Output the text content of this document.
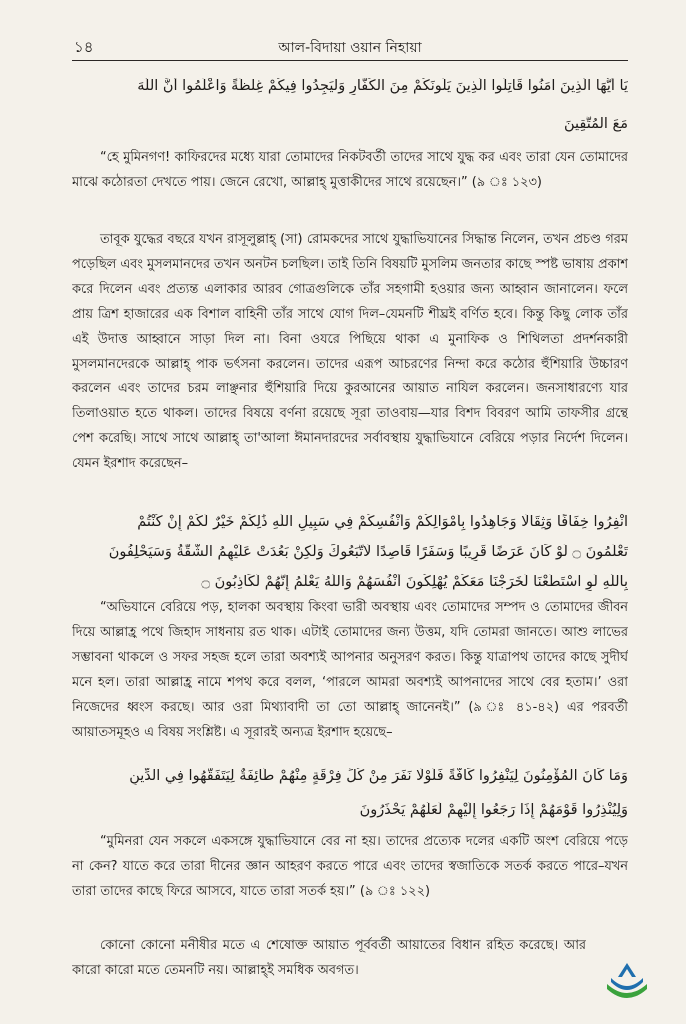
১৪	আল-বিদায়া ওয়ান নিহায়া
يَا أَيُّهَا الَّذِينَ آمَنُوا قَاتِلُوا الَّذِينَ يَلُونَكُمْ مِنَ الْكُفَّارِ وَلْيَجِدُوا فِيكُمْ غِلْظَةً وَاعْلَمُوا أَنَّ اللَّهَ
مَعَ الْمُتَّقِينَ
“হে মুমিনগণ! কাফিরদের মধ্যে যারা তোমাদের নিকটবর্তী তাদের সাথে যুদ্ধ কর এবং তারা যেন তোমাদের মাঝে কঠোরতা দেখতে পায়। জেনে রেখো, আল্লাহ্ মুত্তাকীদের সাথে রয়েছেন।” (৯ ঃ ১২৩)
তাবূক যুদ্ধের বছরে যখন রাসূলুল্লাহ্ (সা) রোমকদের সাথে যুদ্ধাভিযানের সিদ্ধান্ত নিলেন, তখন প্রচণ্ড গরম পড়েছিল এবং মুসলমানদের তখন অনটন চলছিল। তাই তিনি বিষয়টি মুসলিম জনতার কাছে স্পষ্ট ভাষায় প্রকাশ করে দিলেন এবং প্রত্যন্ত এলাকার আরব গোত্রগুলিকে তাঁর সহগামী হওয়ার জন্য আহ্বান জানালেন। ফলে প্রায় ত্রিশ হাজারের এক বিশাল বাহিনী তাঁর সাথে যোগ দিল–যেমনটি শীঘ্রই বর্ণিত হবে। কিন্তু কিছু লোক তাঁর এই উদাত্ত আহ্বানে সাড়া দিল না। বিনা ওযরে পিছিয়ে থাকা এ মুনাফিক ও শিথিলতা প্রদর্শনকারী মুসলমানদেরকে আল্লাহ্ পাক ভর্ৎসনা করলেন। তাদের এরূপ আচরণের নিন্দা করে কঠোর হুঁশিয়ারি উচ্চারণ করলেন এবং তাদের চরম লাঞ্ছনার হুঁশিয়ারি দিয়ে কুরআনের আয়াত নাযিল করলেন। জনসাধারণ্যে যার তিলাওয়াত হতে থাকল। তাদের বিষয়ে বর্ণনা রয়েছে সূরা তাওবায়—যার বিশদ বিবরণ আমি তাফসীর গ্রন্থে পেশ করেছি। সাথে সাথে আল্লাহ্ তা'আলা ঈমানদারদের সর্বাবস্থায় যুদ্ধাভিযানে বেরিয়ে পড়ার নির্দেশ দিলেন। যেমন ইরশাদ করেছেন–
انْفِرُوا خِفَافًا وَثِقَالًا وَجَاهِدُوا بِأَمْوَالِكُمْ وَأَنْفُسِكُمْ فِي سَبِيلِ اللَّهِ ذَٰلِكُمْ خَيْرٌ لَكُمْ إِنْ كُنْتُمْ
تَعْلَمُونَ ۝ لَوْ كَانَ عَرَضًا قَرِيبًا وَسَفَرًا قَاصِدًا لَاتَّبَعُوكَ وَلَٰكِنْ بَعُدَتْ عَلَيْهِمُ الشُّقَّةُ وَسَيَحْلِفُونَ
بِاللَّهِ لَوِ اسْتَطَعْنَا لَخَرَجْنَا مَعَكُمْ يُهْلِكُونَ أَنْفُسَهُمْ وَاللَّهُ يَعْلَمُ إِنَّهُمْ لَكَاذِبُونَ ۝
“অভিযানে বেরিয়ে পড়, হালকা অবস্থায় কিংবা ভারী অবস্থায় এবং তোমাদের সম্পদ ও তোমাদের জীবন দিয়ে আল্লাহ্র পথে জিহাদ সাধনায় রত থাক। এটাই তোমাদের জন্য উত্তম, যদি তোমরা জানতে। আশু লাভের সম্ভাবনা থাকলে ও সফর সহজ হলে তারা অবশ্যই আপনার অনুসরণ করত। কিন্তু যাত্রাপথ তাদের কাছে সুদীর্ঘ মনে হল। তারা আল্লাহ্র নামে শপথ করে বলল, ‘পারলে আমরা অবশ্যই আপনাদের সাথে বের হতাম।’ ওরা নিজেদের ধ্বংস করছে। আর ওরা মিথ্যাবাদী তা তো আল্লাহ্ জানেনই।” (৯ ঃ ৪১-৪২) এর পরবর্তী আয়াতসমূহও এ বিষয় সংশ্লিষ্ট। এ সূরারই অন্যত্র ইরশাদ হয়েছে–
وَمَا كَانَ الْمُؤْمِنُونَ لِيَنْفِرُوا كَافَّةً فَلَوْلَا نَفَرَ مِنْ كُلِّ فِرْقَةٍ مِنْهُمْ طَائِفَةٌ لِيَتَفَقَّهُوا فِي الدِّينِ
وَلِيُنْذِرُوا قَوْمَهُمْ إِذَا رَجَعُوا إِلَيْهِمْ لَعَلَّهُمْ يَحْذَرُونَ
“মুমিনরা যেন সকলে একসঙ্গে যুদ্ধাভিযানে বের না হয়। তাদের প্রত্যেক দলের একটি অংশ বেরিয়ে পড়ে না কেন? যাতে করে তারা দীনের জ্ঞান আহরণ করতে পারে এবং তাদের স্বজাতিকে সতর্ক করতে পারে–যখন তারা তাদের কাছে ফিরে আসবে, যাতে তারা সতর্ক হয়।” (৯ ঃ ১২২)
কোনো কোনো মনীষীর মতে এ শেষোক্ত আয়াত পূর্ববর্তী আয়াতের বিধান রহিত করেছে। আর কারো কারো মতে তেমনটি নয়। আল্লাহ্ই সমধিক অবগত।
